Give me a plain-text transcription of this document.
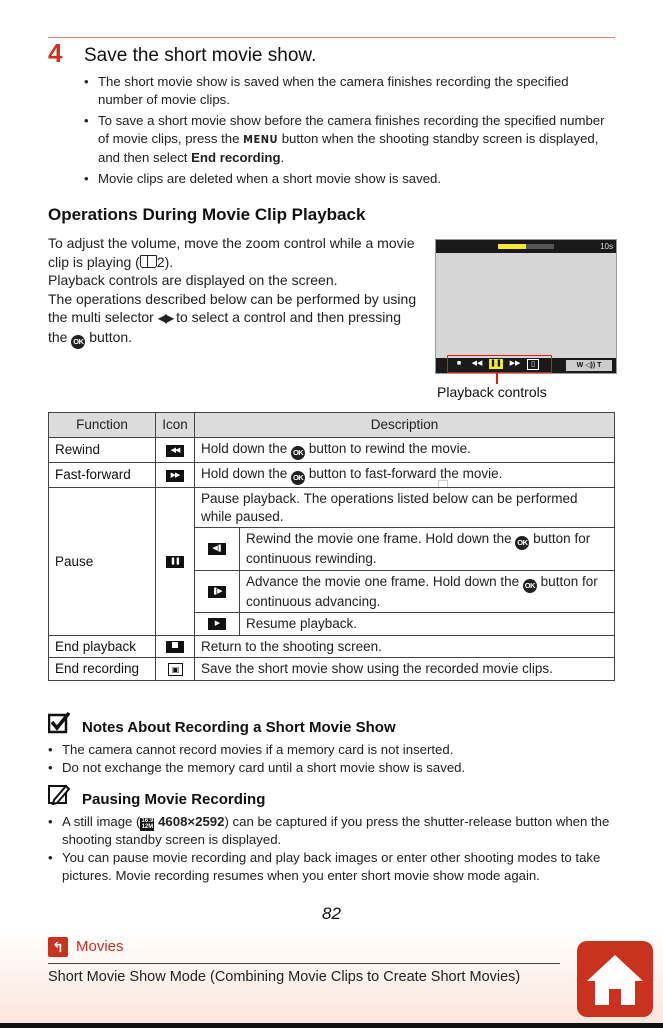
4 Save the short movie show.
• The short movie show is saved when the camera finishes recording the specified number of movie clips.
• To save a short movie show before the camera finishes recording the specified number of movie clips, press the MENU button when the shooting standby screen is displayed, and then select End recording.
• Movie clips are deleted when a short movie show is saved.
Operations During Movie Clip Playback

To adjust the volume, move the zoom control while a movie clip is playing ( 2).

Playback controls are displayed on the screen.

The operations described below can be performed by using the multi selector ◀▶ to select a control and then pressing the OK button.

10s
■	◀◀ ❚❚ ▶▶	▯	W ◁)) T
Playback controls
Function	Icon	Description	
Rewind	◀◀	Hold down the OK button to rewind the movie.	
Fast-forward	▶▶	Hold down the OK button to fast-forward the movie.	
Pause	❚❚	Pause playback. The operations listed below can be performed while paused.	
		◀❚	Rewind the movie one frame. Hold down the OK button for continuous rewinding.
		❚▶	Advance the movie one frame. Hold down the OK button for continuous advancing.
		▶	Resume playback.
End playback		Return to the shooting screen.	
End recording	▣	Save the short movie show using the recorded movie clips.	
Notes About Recording a Short Movie Show
• The camera cannot record movies if a memory card is not inserted.
• Do not exchange the memory card until a short movie show is saved.
Pausing Movie Recording
• A still image (16:9 12M 4608×2592) can be captured if you press the shutter-release button when the shooting standby screen is displayed.
• You can pause movie recording and play back images or enter other shooting modes to take pictures. Movie recording resumes when you enter short movie show mode again.
82
↰ Movies
Short Movie Show Mode (Combining Movie Clips to Create Short Movies)
